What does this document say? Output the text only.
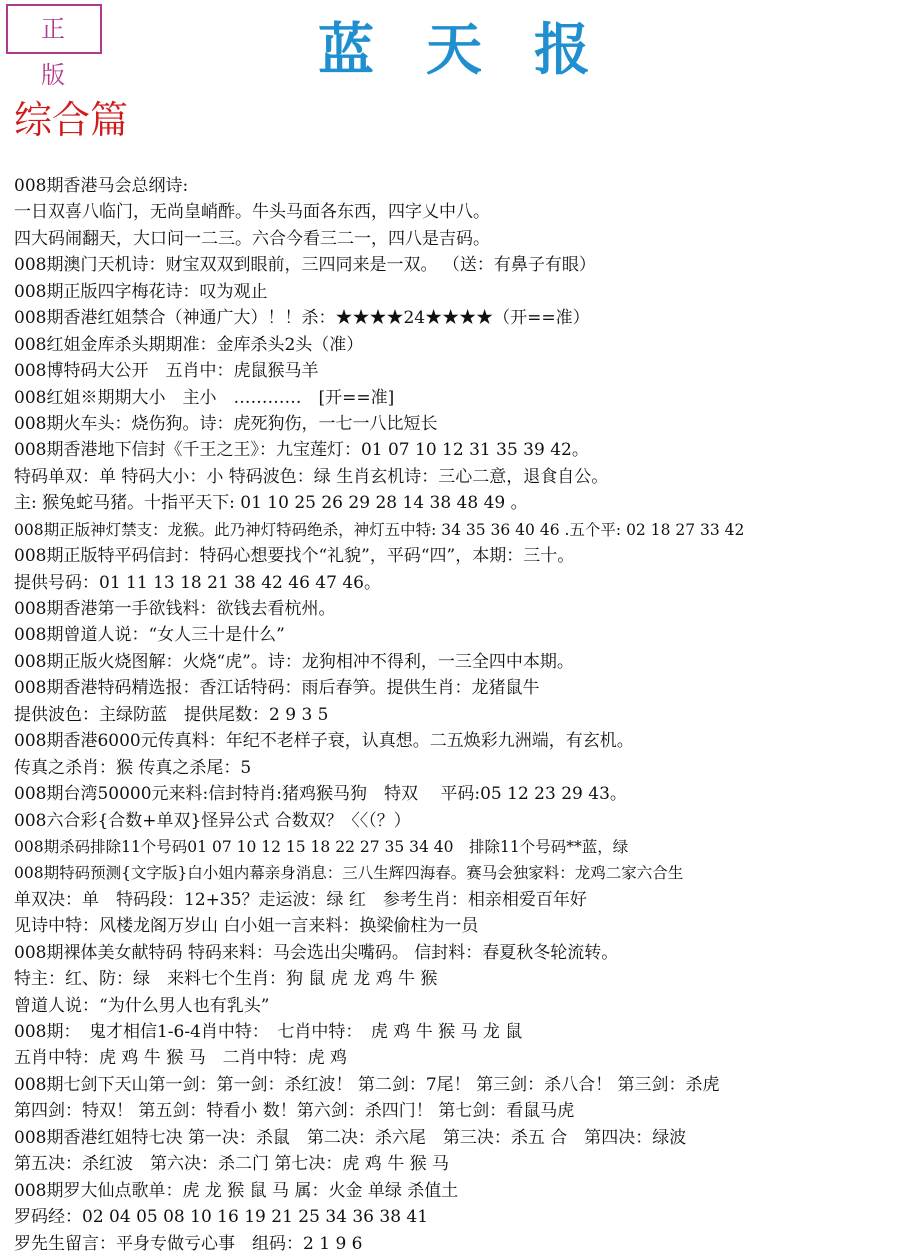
正 版	蓝天报
综合篇
008期香港马会总纲诗:
一日双喜八临门，无尚皇峭酢。牛头马面各东西，四字乂中八。
四大码闹翻天，大口问一二三。六合今看三二一，四八是吉码。
008期澳门天机诗：财宝双双到眼前，三四同来是一双。 （送：有鼻子有眼）
008期正版四字梅花诗：叹为观止
008期香港红姐禁合（神通广大）！！杀：★★★★24★★★★（开==准）
008红姐金库杀头期期准：金库杀头2头（准）
008博特码大公开　五肖中：虎鼠猴马羊
008红姐※期期大小　主小　…………　[开==准]
008期火车头：烧伤狗。诗：虎死狗伤，一七一八比短长
008期香港地下信封《千王之王》：九宝莲灯：01 07 10 12 31 35 39 42。
特码单双：单 特码大小：小 特码波色：绿 生肖玄机诗：三心二意，退食自公。
主: 猴兔蛇马猪。十指平天下: 01 10 25 26 29 28 14 38 48 49 。
008期正版神灯禁支：龙猴。此乃神灯特码绝杀，神灯五中特: 34 35 36 40 46 .五个平: 02 18 27 33 42
008期正版特平码信封：特码心想要找个“礼貌”，平码“四”，本期：三十。
提供号码：01 11 13 18 21 38 42 46 47 46。
008期香港第一手欲钱料：欲钱去看杭州。
008期曾道人说：“女人三十是什么”
008期正版火烧图解：火烧“虎”。诗：龙狗相冲不得利，一三全四中本期。
008期香港特码精选报：香江话特码：雨后春笋。提供生肖：龙猪鼠牛
提供波色：主绿防蓝　提供尾数：2 9 3 5
008期香港6000元传真料：年纪不老样子衰，认真想。二五焕彩九洲端，有玄机。
传真之杀肖：猴 传真之杀尾：5
008期台湾50000元来料:信封特肖:猪鸡猴马狗　特双　 平码:05 12 23 29 43。
008六合彩{合数+单双}怪异公式 合数双？〈〈（？）
008期杀码排除11个号码01 07 10 12 15 18 22 27 35 34 40　排除11个号码**蓝，绿
008期特码预测{文字版}白小姐内幕亲身消息：三八生辉四海春。赛马会独家料：龙鸡二家六合生
单双决：单　特码段：12+35？走运波：绿 红　参考生肖：相亲相爱百年好
见诗中特：风楼龙阁万岁山 白小姐一言来料：换梁偷柱为一员
008期裸体美女献特码 特码来料：马会选出尖嘴码。 信封料：春夏秋冬轮流转。
特主：红、防：绿　来料七个生肖：狗 鼠 虎 龙 鸡 牛 猴
曾道人说：“为什么男人也有乳头”
008期：　鬼才相信1-6-4肖中特：　七肖中特：　虎 鸡 牛 猴 马 龙 鼠
五肖中特：虎 鸡 牛 猴 马　二肖中特：虎 鸡
008期七剑下天山第一剑：第一剑：杀红波！ 第二剑：7尾！ 第三剑：杀八合！ 第三剑：杀虎
第四剑：特双！ 第五剑：特看小 数！第六剑：杀四门！ 第七剑：看鼠马虎
008期香港红姐特七决 第一决：杀鼠　第二决：杀六尾　第三决：杀五 合　第四决：绿波
第五决：杀红波　第六决：杀二门 第七决：虎 鸡 牛 猴 马
008期罗大仙点歌单：虎 龙 猴 鼠 马 属：火金 单绿 杀值土
罗码经：02 04 05 08 10 16 19 21 25 34 36 38 41
罗先生留言：平身专做亏心事　组码：2 1 9 6
